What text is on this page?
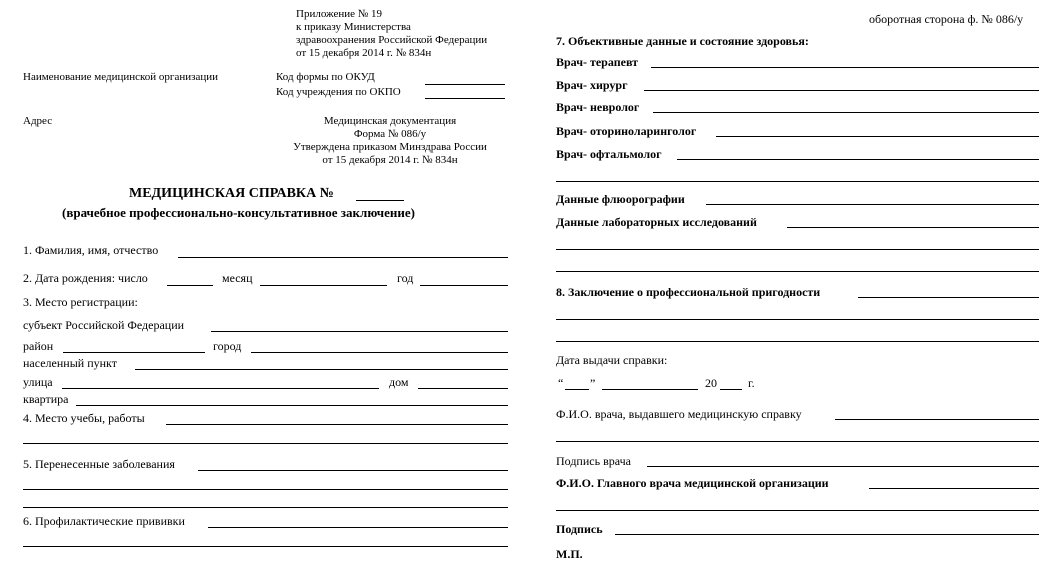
Приложение № 19
к приказу Министерства
здравоохранения Российской Федерации
от 15 декабря 2014 г. № 834н
Наименование медицинской организации	Код формы по ОКУД
Код учреждения по ОКПО
Адрес	Медицинская документация
Форма № 086/у
Утверждена приказом Минздрава России
от 15 декабря 2014 г. № 834н
МЕДИЦИНСКАЯ СПРАВКА №
(врачебное профессионально-консультативное заключение)
1. Фамилия, имя, отчество
2. Дата рождения: число	месяц	год
3. Место регистрации:
субъект Российской Федерации
район	город
населенный пункт
улица	дом
квартира
4. Место учебы, работы
5. Перенесенные заболевания
6. Профилактические прививки
оборотная сторона ф. № 086/у
7. Объективные данные и состояние здоровья:
Врач- терапевт
Врач- хирург
Врач- невролог
Врач- оториноларинголог
Врач- офтальмолог
Данные флюорографии
Данные лабораторных исследований
8. Заключение о профессиональной пригодности
Дата выдачи справки:
“ ”	20	г.
Ф.И.О. врача, выдавшего медицинскую справку
Подпись врача
Ф.И.О. Главного врача медицинской организации
Подпись
М.П.
